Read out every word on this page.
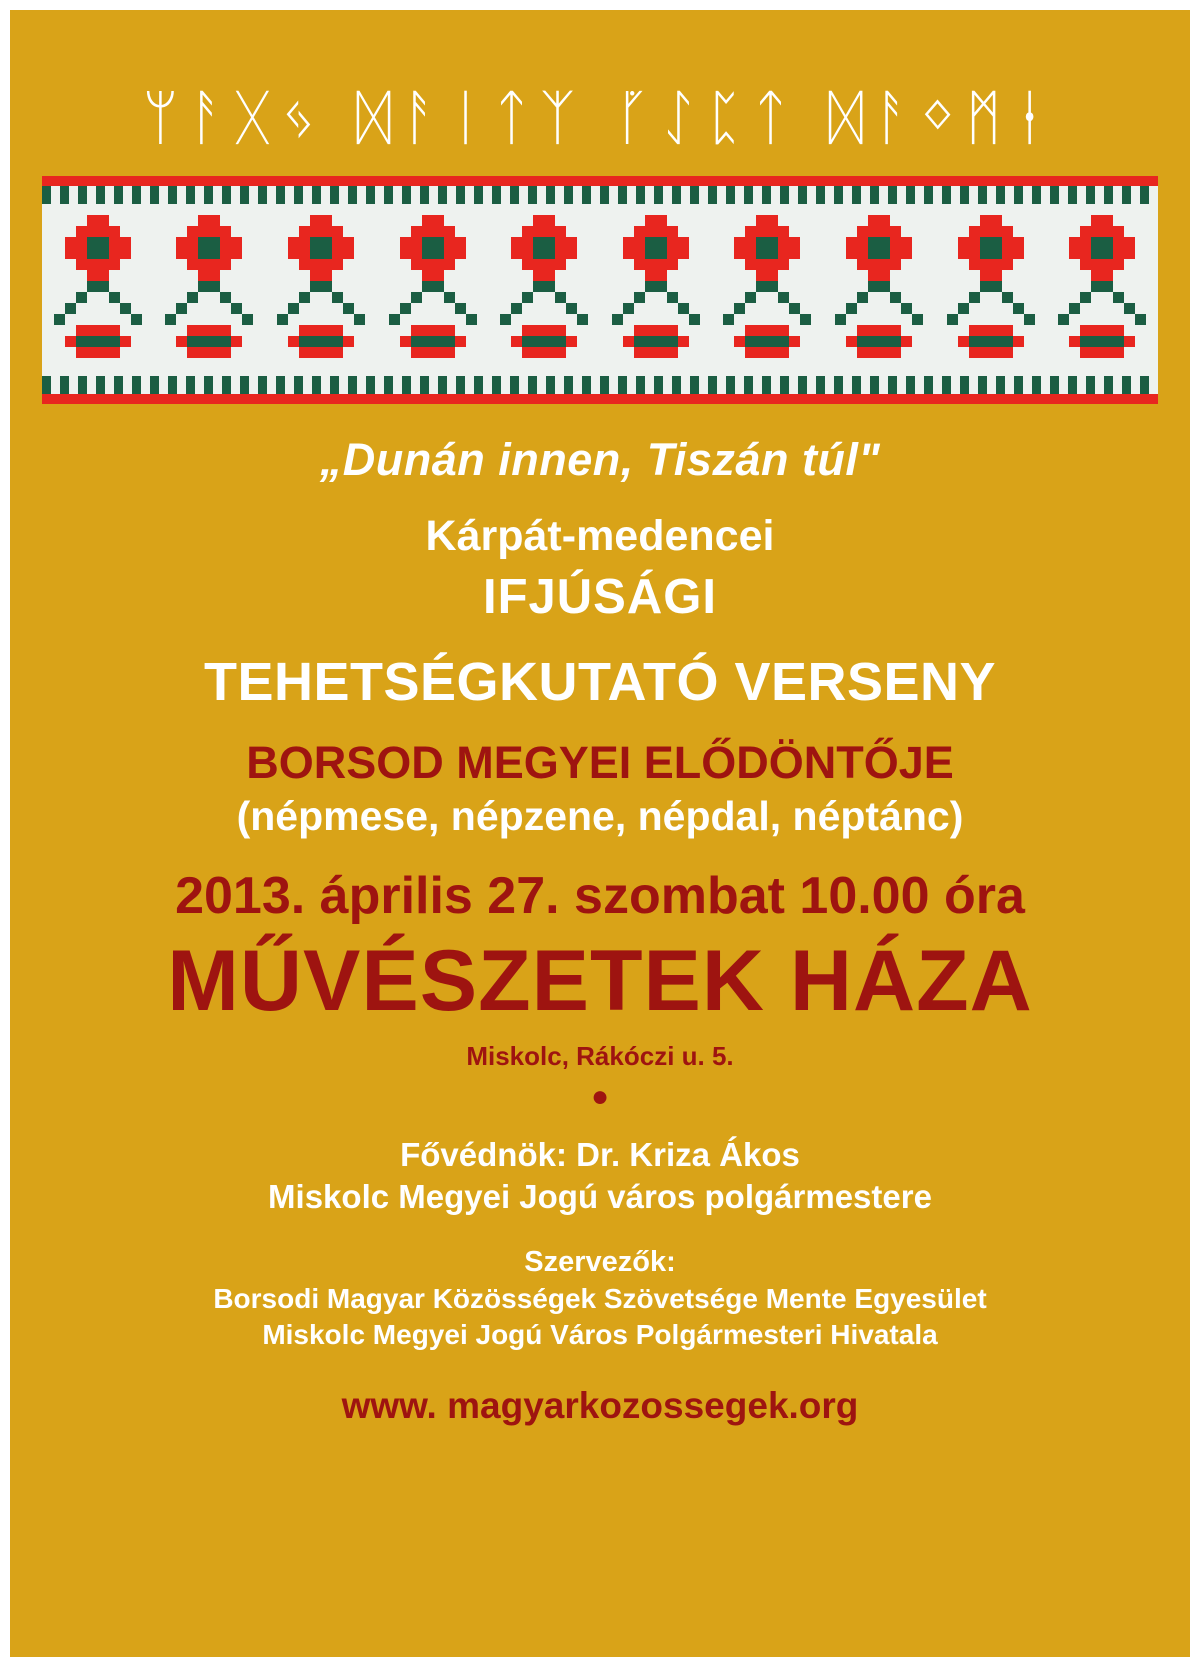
ᛘᚨᚷᛃ ᛞᚨᛁᛏᛉ ᚵᛇᛈᛏ ᛞᚨᛜᛗᛂ
„Dunán innen, Tiszán túl"
Kárpát-medencei
IFJÚSÁGI
TEHETSÉGKUTATÓ VERSENY
BORSOD MEGYEI ELŐDÖNTŐJE
(népmese, népzene, népdal, néptánc)
2013. április 27. szombat 10.00 óra
MŰVÉSZETEK HÁZA
Miskolc, Rákóczi u. 5.
●
Fővédnök: Dr. Kriza Ákos
Miskolc Megyei Jogú város polgármestere
Szervezők:
Borsodi Magyar Közösségek Szövetsége Mente Egyesület
Miskolc Megyei Jogú Város Polgármesteri Hivatala
www. magyarkozossegek.org
